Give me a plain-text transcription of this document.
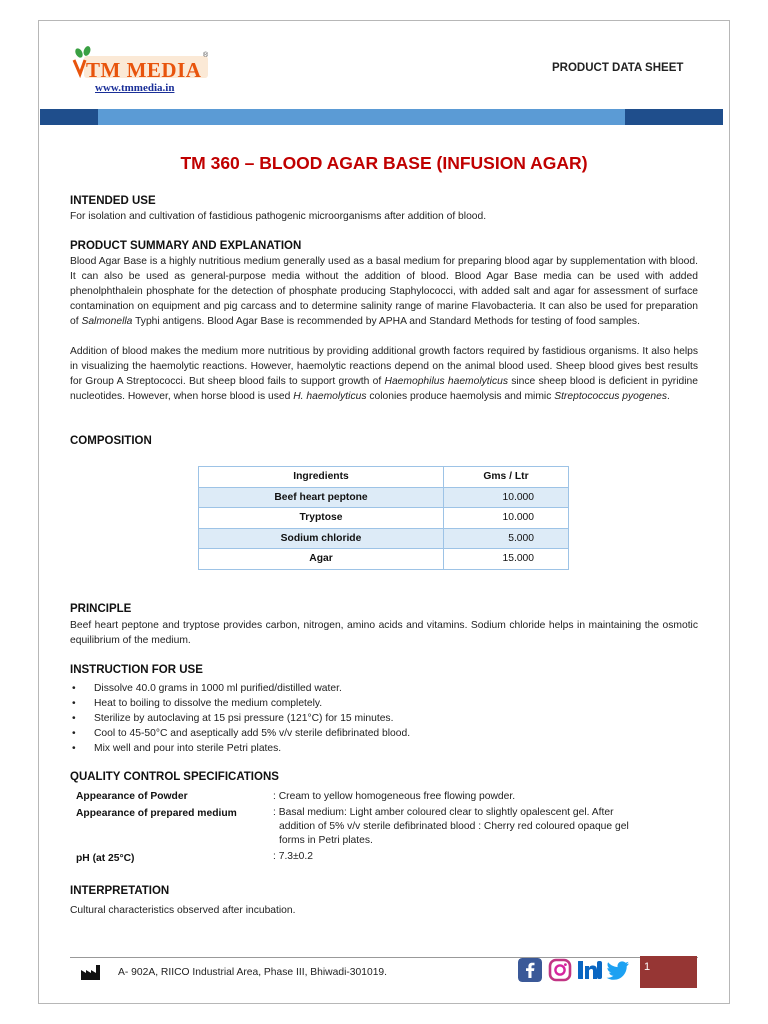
TM MEDIA
®
www.tmmedia.in
PRODUCT DATA SHEET
TM 360 – BLOOD AGAR BASE (INFUSION AGAR)
INTENDED USE
For isolation and cultivation of fastidious pathogenic microorganisms after addition of blood.
PRODUCT SUMMARY AND EXPLANATION
Blood Agar Base is a highly nutritious medium generally used as a basal medium for preparing blood agar by supplementation with blood. It can also be used as general-purpose media without the addition of blood. Blood Agar Base media can be used with added phenolphthalein phosphate for the detection of phosphate producing Staphylococci, with added salt and agar for assessment of surface contamination on equipment and pig carcass and to determine salinity range of marine Flavobacteria. It can also be used for preparation of Salmonella Typhi antigens. Blood Agar Base is recommended by APHA and Standard Methods for testing of food samples.
Addition of blood makes the medium more nutritious by providing additional growth factors required by fastidious organisms. It also helps in visualizing the haemolytic reactions. However, haemolytic reactions depend on the animal blood used. Sheep blood gives best results for Group A Streptococci. But sheep blood fails to support growth of Haemophilus haemolyticus since sheep blood is deficient in pyridine nucleotides. However, when horse blood is used H. haemolyticus colonies produce haemolysis and mimic Streptococcus pyogenes.
COMPOSITION
Ingredients	Gms / Ltr
Beef heart peptone	10.000
Tryptose	10.000
Sodium chloride	5.000
Agar	15.000
PRINCIPLE
Beef heart peptone and tryptose provides carbon, nitrogen, amino acids and vitamins. Sodium chloride helps in maintaining the osmotic equilibrium of the medium.
INSTRUCTION FOR USE
• Dissolve 40.0 grams in 1000 ml purified/distilled water.
• Heat to boiling to dissolve the medium completely.
• Sterilize by autoclaving at 15 psi pressure (121°C) for 15 minutes.
• Cool to 45-50°C and aseptically add 5% v/v sterile defibrinated blood.
• Mix well and pour into sterile Petri plates.
QUALITY CONTROL SPECIFICATIONS
Appearance of Powder	: Cream to yellow homogeneous free flowing powder.
Appearance of prepared medium	: Basal medium: Light amber coloured clear to slightly opalescent gel. After
addition of 5% v/v sterile defibrinated blood : Cherry red coloured opaque gel
forms in Petri plates.
pH (at 25°C)	: 7.3±0.2
INTERPRETATION
Cultural characteristics observed after incubation.
A- 902A, RIICO Industrial Area, Phase III, Bhiwadi-301019.	1
